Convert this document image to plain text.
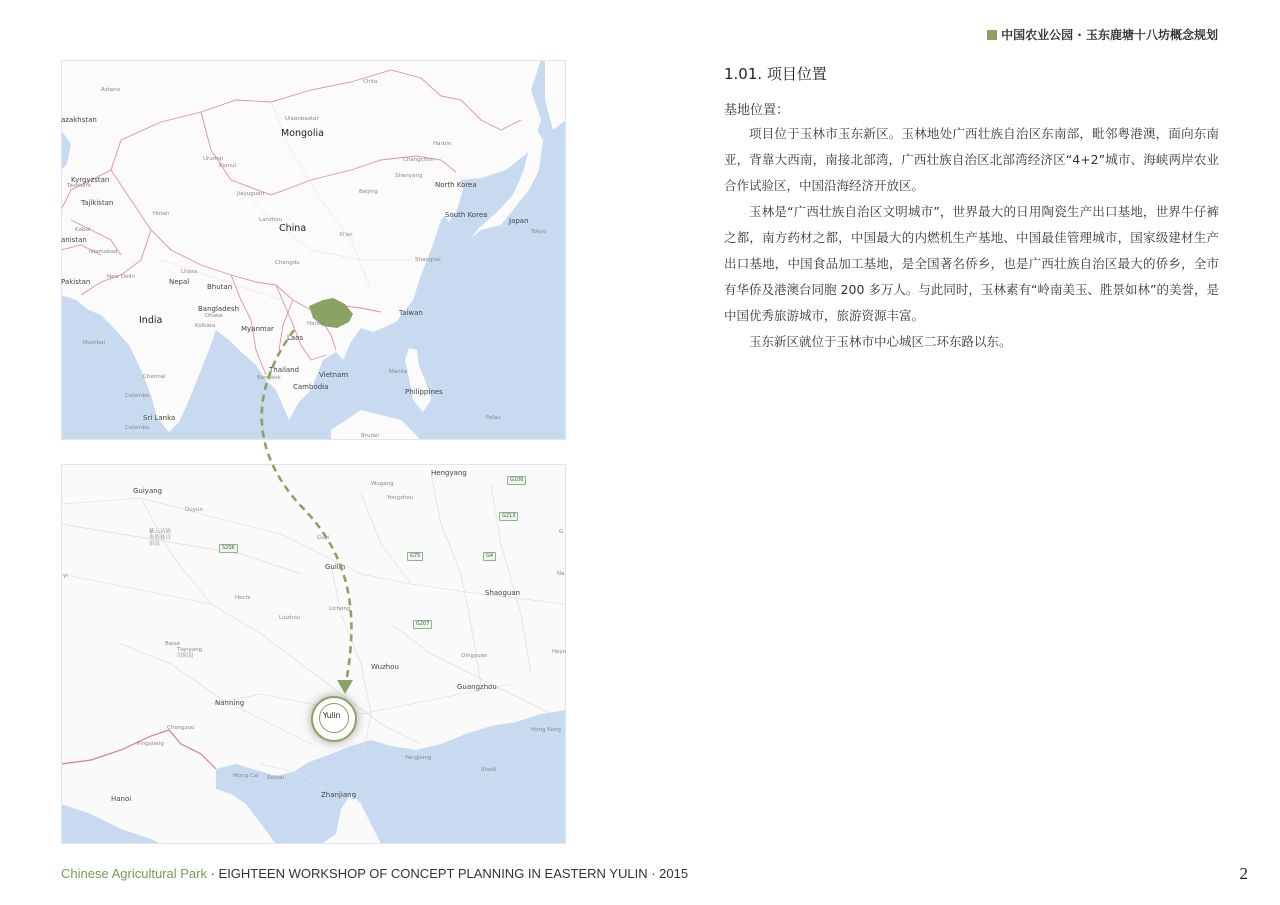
中国农业公园 · 玉东鹿塘十八坊概念规划
Astana
azakhstan
Kyrgyzstan
Tashkent
Tajikistan
Kabul
anistan
Islamabad
Pakistan
New Delhi
Nepal
Bhutan
Bangladesh
Dhaka
Kolkata
India
Mumbai
Chennai
Colombo
Sri Lanka
Colombo
Myanmar
Laos
Thailand
Bangkok
Cambodia
Vietnam
Hanoi
Brunei
Philippines
Manila
Palau
Taiwan
China
Mongolia
Ulaanbaatar
Urumqi
Kumul
Jiayuguan
Lanzhou
Lhasa
Chengdu
Xi'an
Beijing
Shenyang
Changchun
Harbin
Chita
Shanghai
Hotan
North Korea
South Korea
Japan
Tokyo
Hengyang
Wugang
Yongzhou
Guiyang
Duyun
紫云苗族
布依族自
治县
Guyi
Guilin
Shaoguan
Hechi
Licheng
Liuzhou
Baise
Tianyang
田阳县	Qingyuan
Wuzhou
Heyu
Guangzhou
Nanning
Chongzuo
Pingxiang
Hong Kong
Yangjiang
Shadi
Mong Cai Beihai
Zhanjiang
Hanoi
Na
G
yi
G106
G213
S206
G75	G4
G207
Yulin
1.01. 项目位置
基地位置：

项目位于玉林市玉东新区。玉林地处广西壮族自治区东南部，毗邻粤港澳，面向东南亚，背靠大西南，南接北部湾，广西壮族自治区北部湾经济区“4+2”城市、海峡两岸农业合作试验区，中国沿海经济开放区。

玉林是“广西壮族自治区文明城市”，世界最大的日用陶瓷生产出口基地，世界牛仔裤之都，南方药材之都，中国最大的内燃机生产基地、中国最佳管理城市，国家级建材生产出口基地，中国食品加工基地，是全国著名侨乡，也是广西壮族自治区最大的侨乡，全市有华侨及港澳台同胞 200 多万人。与此同时，玉林素有“岭南美玉、胜景如林”的美誉，是中国优秀旅游城市，旅游资源丰富。

玉东新区就位于玉林市中心城区二环东路以东。

Chinese Agricultural Park · EIGHTEEN WORKSHOP OF CONCEPT PLANNING IN EASTERN YULIN · 2015	2
